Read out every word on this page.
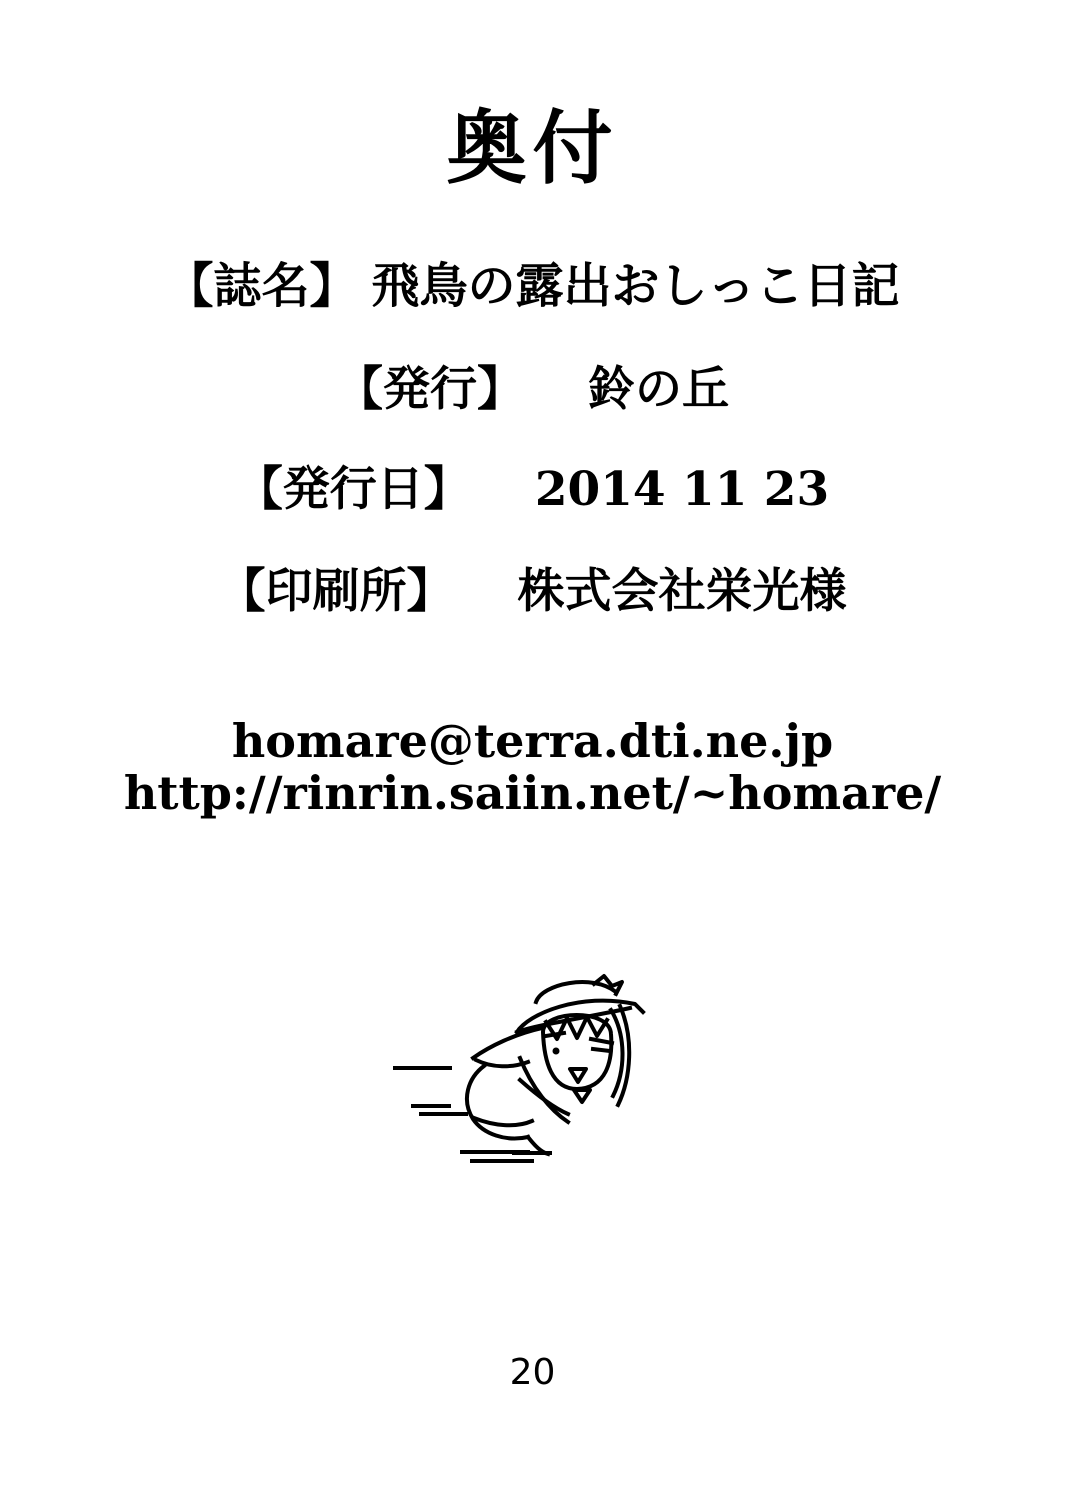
奥付
【誌名】 飛鳥の露出おしっこ日記
【発行】 鈴の丘
【発行日】 2014 11 23
【印刷所】 株式会社栄光様
homare@terra.dti.ne.jp
http://rinrin.saiin.net/~homare/
20
